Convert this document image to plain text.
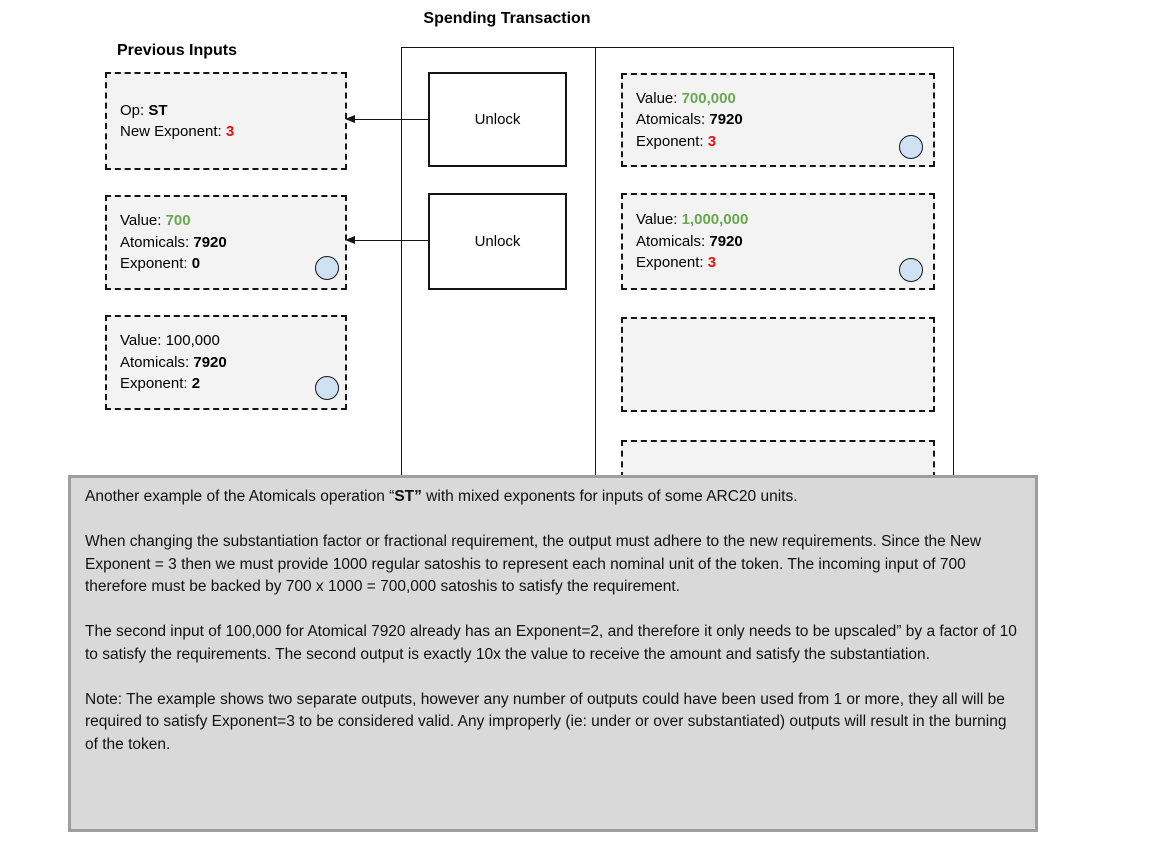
Spending Transaction
Previous Inputs
Op: ST
New Exponent: 3
Value: 700
Atomicals: 7920
Exponent: 0
Value: 100,000
Atomicals: 7920
Exponent: 2
Unlock
Unlock
Value: 700,000
Atomicals: 7920
Exponent: 3
Value: 1,000,000
Atomicals: 7920
Exponent: 3

Another example of the Atomicals operation “ST” with mixed exponents for inputs of some ARC20 units.

When changing the substantiation factor or fractional requirement, the output must adhere to the new requirements. Since the New Exponent = 3 then we must provide 1000 regular satoshis to represent each nominal unit of the token. The incoming input of 700 therefore must be backed by 700 x 1000 = 700,000 satoshis to satisfy the requirement.

The second input of 100,000 for Atomical 7920 already has an Exponent=2, and therefore it only needs to be upscaled” by a factor of 10 to satisfy the requirements. The second output is exactly 10x the value to receive the amount and satisfy the substantiation.

Note: The example shows two separate outputs, however any number of outputs could have been used from 1 or more, they all will be required to satisfy Exponent=3 to be considered valid. Any improperly (ie: under or over substantiated) outputs will result in the burning of the token.
